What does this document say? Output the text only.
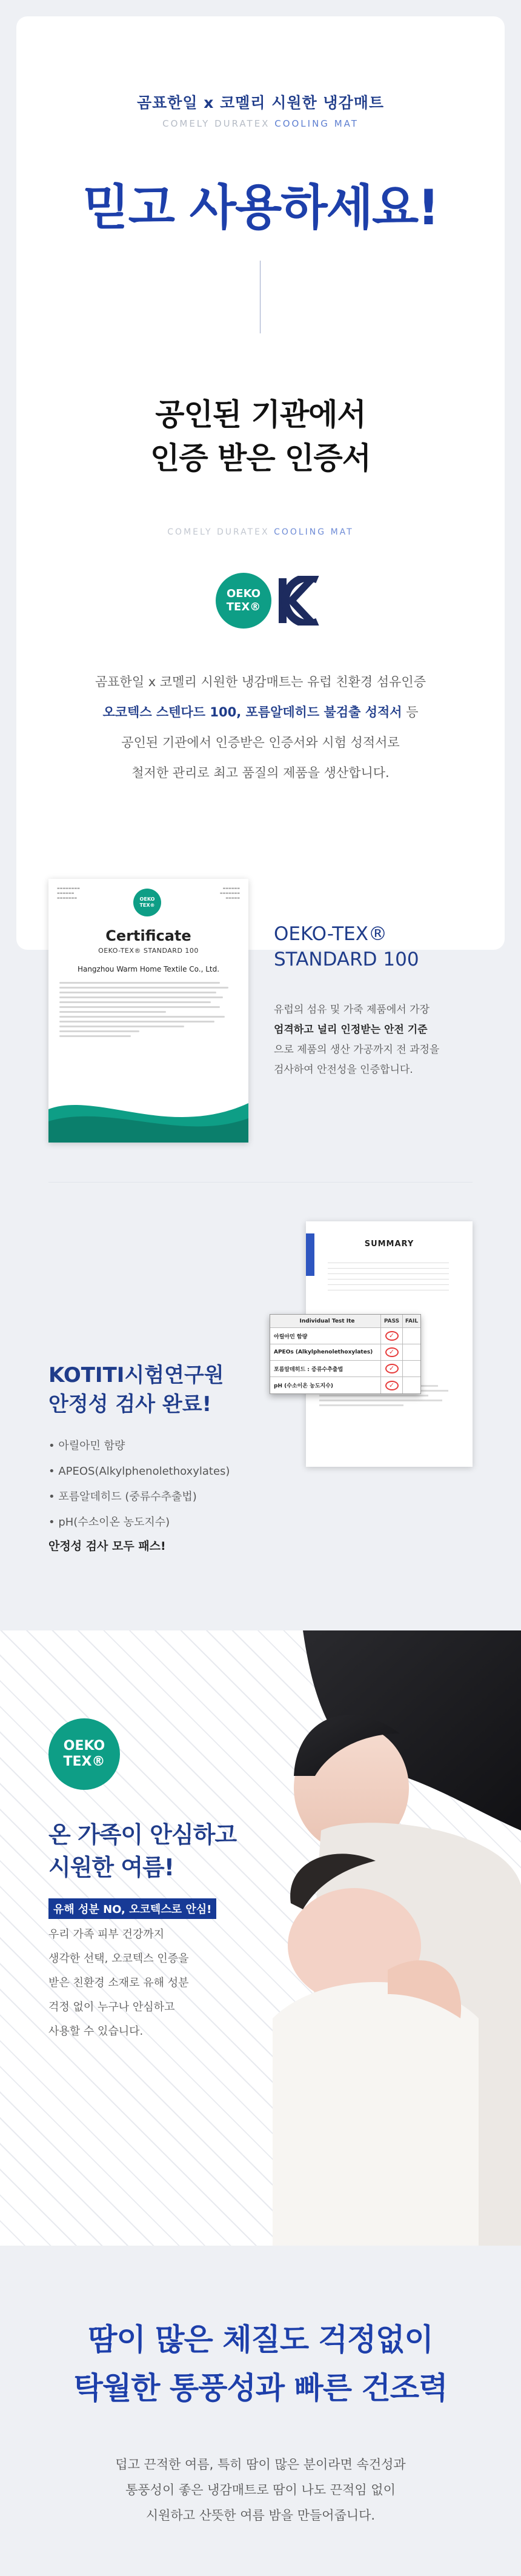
곰표한일 x 코멜리 시원한 냉감매트
COMELY DURATEX COOLING MAT
믿고 사용하세요!
공인된 기관에서
인증 받은 인증서
COMELY DURATEX COOLING MAT
OEKO
TEX®
곰표한일 x 코멜리 시원한 냉감매트는 유럽 친환경 섬유인증
오코텍스 스텐다드 100, 포름알데히드 불검출 성적서 등
공인된 기관에서 인증받은 인증서와 시험 성적서로
철저한 관리로 최고 품질의 제품을 생산합니다.
▬▬▬▬▬▬▬▬
▬▬▬▬▬▬
▬▬▬▬▬▬▬	OEKO
TEX®
▬▬▬▬▬▬
▬▬▬▬▬▬▬
▬▬▬▬▬
Certificate
OEKO-TEX® STANDARD 100
Hangzhou Warm Home Textile Co., Ltd.
OEKO-TEX®
STANDARD 100
유럽의 섬유 및 가죽 제품에서 가장
엄격하고 널리 인정받는 안전 기준
으로 제품의 생산 가공까지 전 과정을
검사하여 안전성을 인증합니다.
SUMMARY
Individual Test Ite	PASS	FAIL
아릴아민 함량	✓
APEOs (Alkylphenolethoxylates)	✓
포름알데히드 : 증류수추출법	✓
pH (수소이온 농도지수)	✓
KOTITI시험연구원
안정성 검사 완료!
• 아릴아민 함량
• APEOS(Alkylphenolethoxylates)
• 포름알데히드 (중류수추출법)
• pH(수소이온 농도지수)
안정성 검사 모두 패스!
OEKO
TEX®
온 가족이 안심하고
시원한 여름!
유해 성분 NO, 오코텍스로 안심!
우리 가족 피부 건강까지
생각한 선택, 오코텍스 인증을
받은 친환경 소재로 유해 성분
걱정 없이 누구나 안심하고
사용할 수 있습니다.
땀이 많은 체질도 걱정없이
탁월한 통풍성과 빠른 건조력
덥고 끈적한 여름, 특히 땀이 많은 분이라면 속건성과
통풍성이 좋은 냉감매트로 땀이 나도 끈적임 없이
시원하고 산뜻한 여름 밤을 만들어줍니다.
